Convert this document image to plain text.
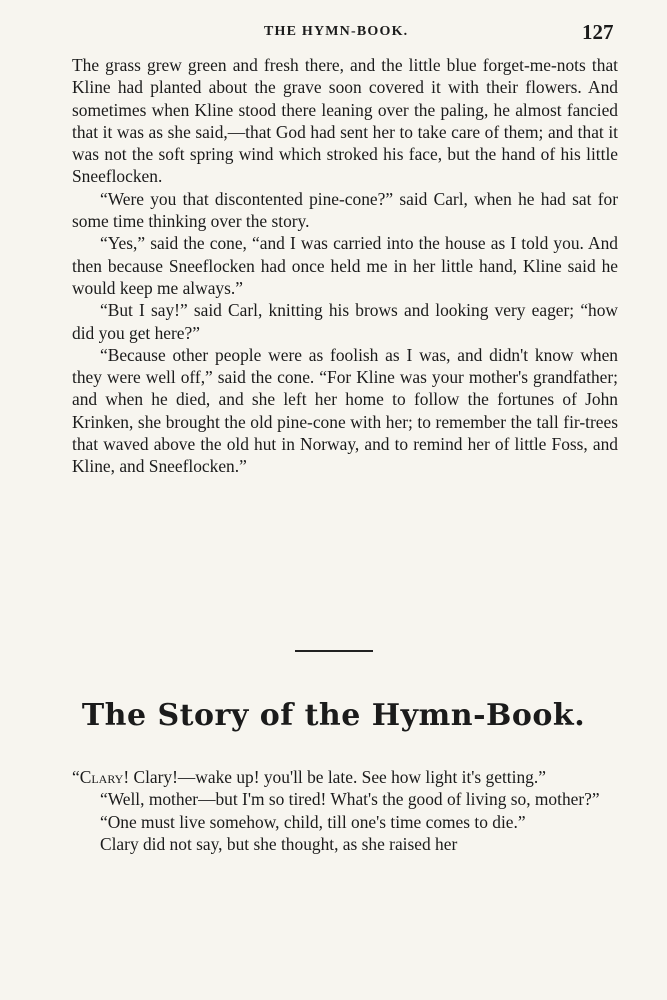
THE HYMN-BOOK.	127

The grass grew green and fresh there, and the little blue forget-me-nots that Kline had planted about the grave soon covered it with their flowers. And sometimes when Kline stood there leaning over the paling, he almost fancied that it was as she said,—that God had sent her to take care of them; and that it was not the soft spring wind which stroked his face, but the hand of his little Sneeflocken.

“Were you that discontented pine-cone?” said Carl, when he had sat for some time thinking over the story.

“Yes,” said the cone, “and I was carried into the house as I told you. And then because Sneeflocken had once held me in her little hand, Kline said he would keep me always.”

“But I say!” said Carl, knitting his brows and looking very eager; “how did you get here?”

“Because other people were as foolish as I was, and didn't know when they were well off,” said the cone. “For Kline was your mother's grandfather; and when he died, and she left her home to follow the fortunes of John Krinken, she brought the old pine-cone with her; to remember the tall fir-trees that waved above the old hut in Norway, and to remind her of little Foss, and Kline, and Sneeflocken.”

The Story of the Hymn-Book.

“Clary! Clary!—wake up! you'll be late. See how light it's getting.”

“Well, mother—but I'm so tired! What's the good of living so, mother?”

“One must live somehow, child, till one's time comes to die.”

Clary did not say, but she thought, as she raised her
